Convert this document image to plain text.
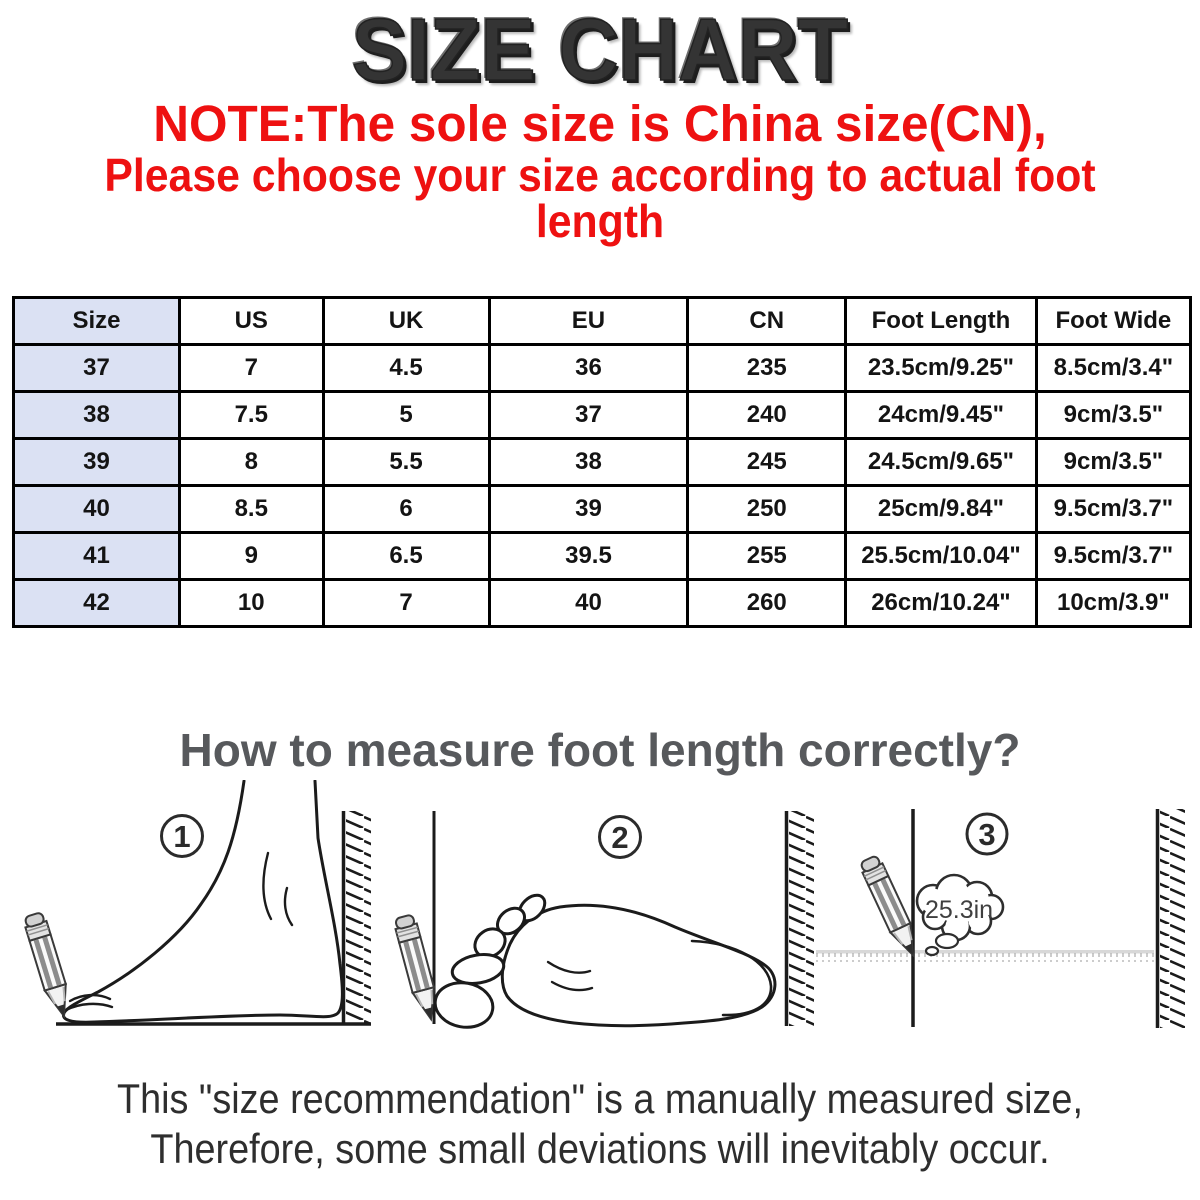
SIZE CHART
NOTE:The sole size is China size(CN),
Please choose your size according to actual foot length
Size	US	UK	EU	CN	Foot Length	Foot Wide
37	7	4.5	36	235	23.5cm/9.25"	8.5cm/3.4"
38	7.5	5	37	240	24cm/9.45"	9cm/3.5"
39	8	5.5	38	245	24.5cm/9.65"	9cm/3.5"
40	8.5	6	39	250	25cm/9.84"	9.5cm/3.7"
41	9	6.5	39.5	255	25.5cm/10.04"	9.5cm/3.7"
42	10	7	40	260	26cm/10.24"	10cm/3.9"
How to measure foot length correctly?
1	2
25.3in
3
This "size recommendation" is a manually measured size,
Therefore, some small deviations will inevitably occur.
